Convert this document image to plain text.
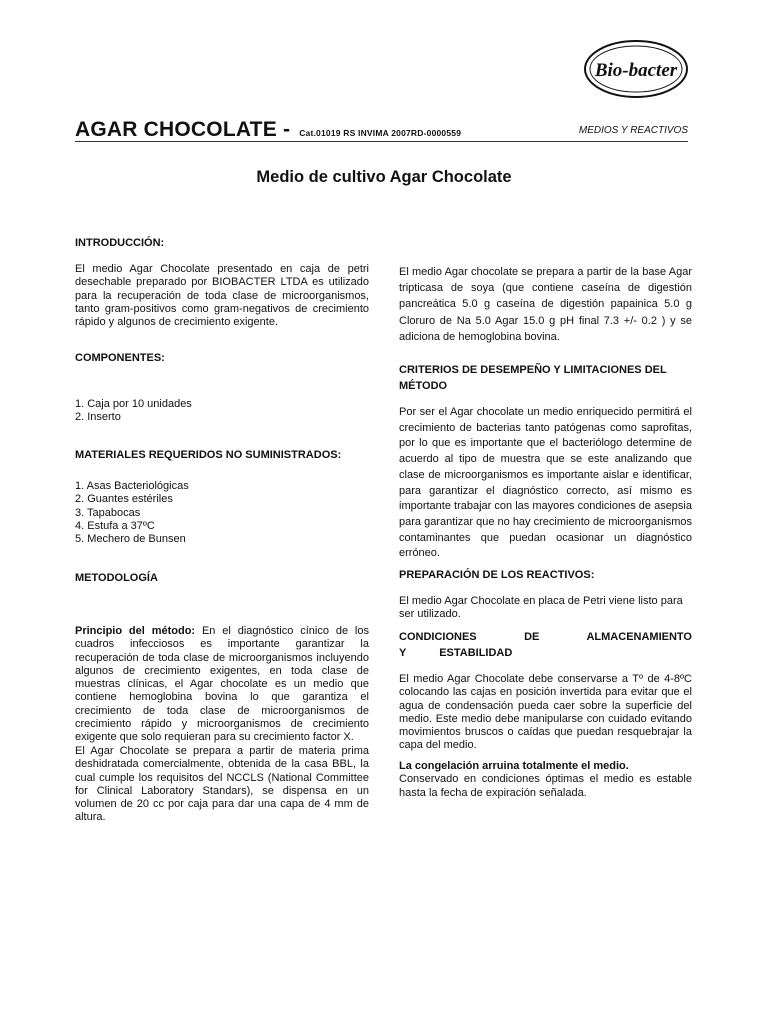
Bio-bacter
AGAR CHOCOLATE - Cat.01019 RS INVIMA 2007RD-0000559	MEDIOS Y REACTIVOS
Medio de cultivo Agar Chocolate
INTRODUCCIÓN:
El medio Agar Chocolate presentado en caja de petri desechable preparado por BIOBACTER LTDA es utilizado para la recuperación de toda clase de microorganismos, tanto gram-positivos como gram-negativos de crecimiento rápido y algunos de crecimiento exigente.
COMPONENTES:
1. Caja por 10 unidades
2. Inserto
MATERIALES REQUERIDOS NO SUMINISTRADOS:
1. Asas Bacteriológicas
2. Guantes estériles
3. Tapabocas
4. Estufa a 37ºC
5. Mechero de Bunsen
METODOLOGÍA
Principio del método: En el diagnóstico cínico de los cuadros infecciosos es importante garantizar la recuperación de toda clase de microorganismos incluyendo algunos de crecimiento exigentes, en toda clase de muestras clínicas, el Agar chocolate es un medio que contiene hemoglobina bovina lo que garantiza el crecimiento de toda clase de microorganismos de crecimiento rápido y microorganismos de crecimiento exigente que solo requieran para su crecimiento factor X.
El Agar Chocolate se prepara a partir de materia prima deshidratada comercialmente, obtenida de la casa BBL, la cual cumple los requisitos del NCCLS (National Committee for Clinical Laboratory Standars), se dispensa en un volumen de 20 cc por caja para dar una capa de 4 mm de altura.
El medio Agar chocolate se prepara a partir de la base Agar tripticasa de soya (que contiene caseína de digestión pancreática 5.0 g caseína de digestión papainica 5.0 g Cloruro de Na 5.0 Agar 15.0 g pH final 7.3 +/- 0.2 ) y se adiciona de hemoglobina bovina.
CRITERIOS DE DESEMPEÑO Y LIMITACIONES DEL MÉTODO
Por ser el Agar chocolate un medio enriquecido permitirá el crecimiento de bacterias tanto patógenas como saprofitas, por lo que es importante que el bacteriólogo determine de acuerdo al tipo de muestra que se este analizando que clase de microorganismos es importante aislar e identificar, para garantizar el diagnóstico correcto, así mismo es importante trabajar con las mayores condiciones de asepsia para garantizar que no hay crecimiento de microorganismos contaminantes que puedan ocasionar un diagnóstico erróneo.
PREPARACIÓN DE LOS REACTIVOS:
El medio Agar Chocolate en placa de Petri viene listo para ser utilizado.
CONDICIONES DE ALMACENAMIENTO Y ESTABILIDAD
El medio Agar Chocolate debe conservarse a Tº de 4-8ºC colocando las cajas en posición invertida para evitar que el agua de condensación pueda caer sobre la superficie del medio. Este medio debe manipularse con cuidado evitando movimientos bruscos o caídas que puedan resquebrajar la capa del medio.
La congelación arruina totalmente el medio.
Conservado en condiciones óptimas el medio es estable hasta la fecha de expiración señalada.
